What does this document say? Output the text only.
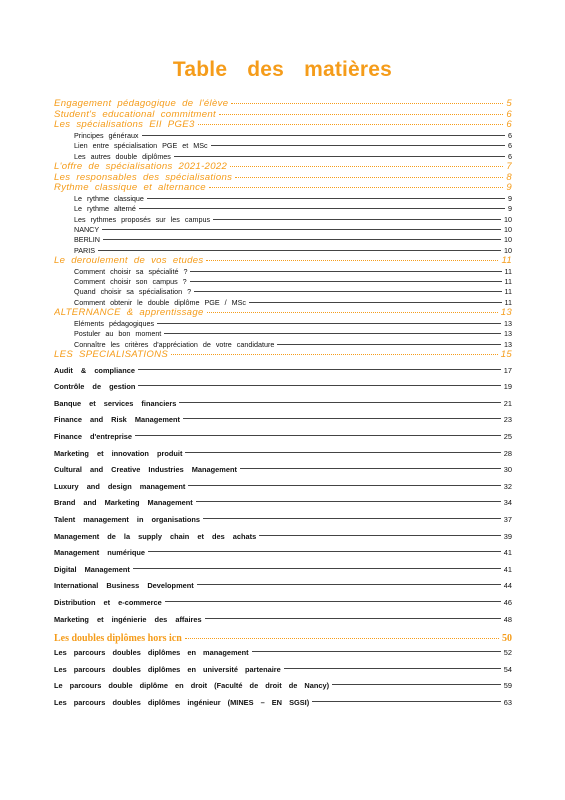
Table des matières
Engagement pédagogique de l'élève	5
Student's educational commitment	6
Les spécialisations EII PGE3	6
Principes généraux	6
Lien entre spécialisation PGE et MSc	6
Les autres double diplômes	6
L'offre de spécialisations 2021-2022	7
Les responsables des spécialisations	8
Rythme classique et alternance	9
Le rythme classique	9
Le rythme alterné	9
Les rythmes proposés sur les campus	10
NANCY	10
BERLIN	10
PARIS	10
Le deroulement de vos etudes	11
Comment choisir sa spécialité ?	11
Comment choisir son campus ?	11
Quand choisir sa spécialisation ?	11
Comment obtenir le double diplôme PGE / MSc	11
ALTERNANCE & apprentissage	13
Eléments pédagogiques	13
Postuler au bon moment	13
Connaître les critères d'appréciation de votre candidature	13
LES SPECIALISATIONS	15
Audit & compliance	17
Contrôle de gestion	19
Banque et services financiers	21
Finance and Risk Management	23
Finance d'entreprise	25
Marketing et innovation produit	28
Cultural and Creative Industries Management	30
Luxury and design management	32
Brand and Marketing Management	34
Talent management in organisations	37
Management de la supply chain et des achats	39
Management numérique	41
Digital Management	41
International Business Development	44
Distribution et e-commerce	46
Marketing et ingénierie des affaires	48
Les doubles diplômes hors icn	50
Les parcours doubles diplômes en management	52
Les parcours doubles diplômes en université partenaire	54
Le parcours double diplôme en droit (Faculté de droit de Nancy)	59
Les parcours doubles diplômes ingénieur (MINES – EN SGSI)	63
